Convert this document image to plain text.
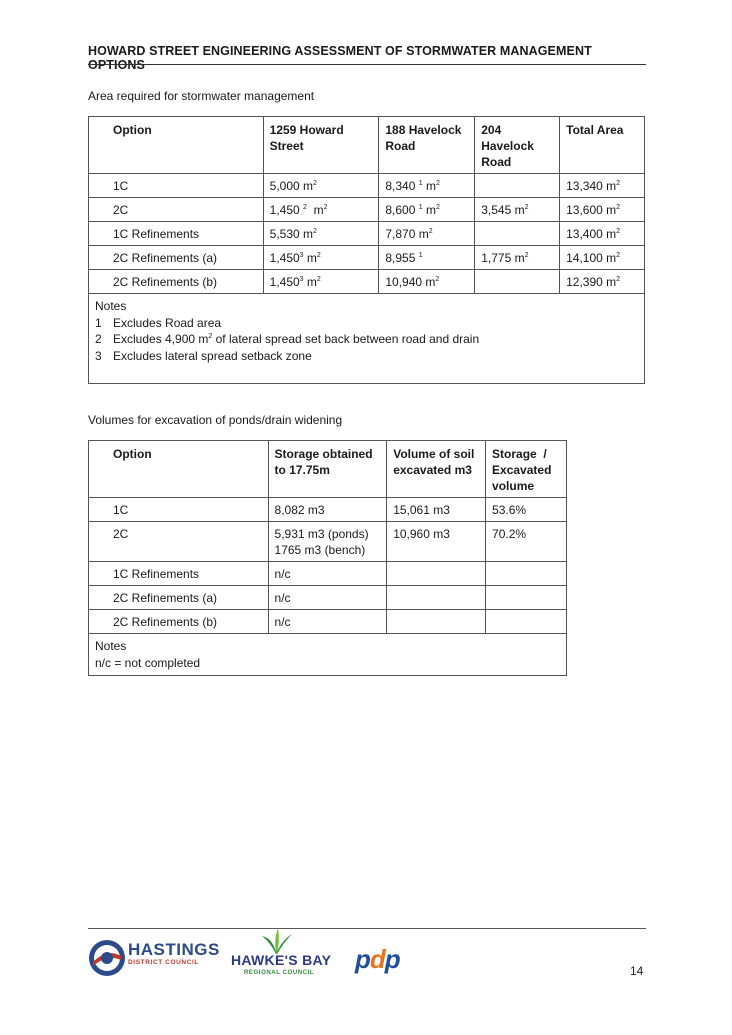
HOWARD STREET ENGINEERING ASSESSMENT OF STORMWATER MANAGEMENT OPTIONS
Area required for stormwater management
Option	1259 Howard Street	188 Havelock Road	204 Havelock Road	Total Area
1C	5,000 $m^2$	8,340 $^1$ $m^2$		13,340 $m^2$
2C	1,450 $^2$  $m^2$	8,600 $^1$ $m^2$	3,545 $m^2$	13,600 $m^2$
1C Refinements	5,530 $m^2$	7,870 $m^2$		13,400 $m^2$
2C Refinements (a)	1,450$^3$ $m^2$	8,955 $^1$	1,775 $m^2$	14,100 $m^2$
2C Refinements (b)	1,450$^3$ $m^2$	10,940 $m^2$		12,390 $m^2$

Notes
1 Excludes Road area
2 Excludes 4,900 $m^2$ of lateral spread set back between road and drain
3 Excludes lateral spread setback zone				
Volumes for excavation of ponds/drain widening
Option	Storage obtained to 17.75m	Volume of soil excavated m3	Storage  / Excavated volume
1C	8,082 m3	15,061 m3	53.6%
2C	5,931 m3 (ponds)
1765 m3 (bench)	10,960 m3	70.2%
1C Refinements	n/c		
2C Refinements (a)	n/c		
2C Refinements (b)	n/c		

Notes
n/c = not completed			
HASTINGS
DISTRICT COUNCIL	HAWKE'S BAY
REGIONAL COUNCIL pdp	14
